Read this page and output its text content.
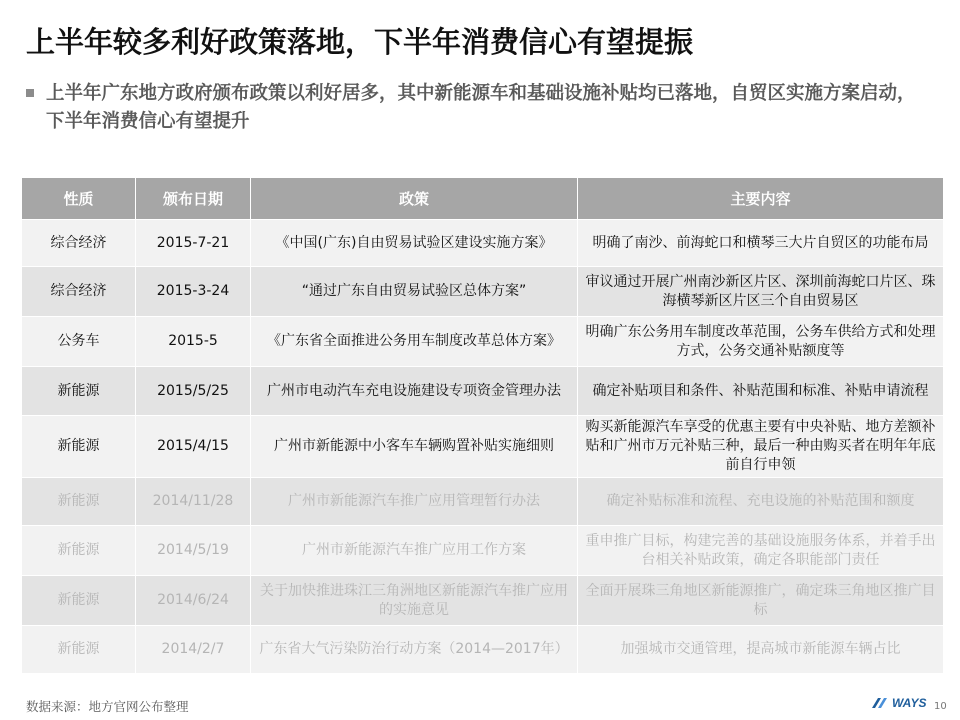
上半年较多利好政策落地，下半年消费信心有望提振
上半年广东地方政府颁布政策以利好居多，其中新能源车和基础设施补贴均已落地，自贸区实施方案启动，下半年消费信心有望提升
性质	颁布日期	政策	主要内容
综合经济	2015-7-21	《中国(广东)自由贸易试验区建设实施方案》	明确了南沙、前海蛇口和横琴三大片自贸区的功能布局
综合经济	2015-3-24	“通过广东自由贸易试验区总体方案”	审议通过开展广州南沙新区片区、深圳前海蛇口片区、珠海横琴新区片区三个自由贸易区
公务车	2015-5	《广东省全面推进公务用车制度改革总体方案》	明确广东公务用车制度改革范围，公务车供给方式和处理方式，公务交通补贴额度等
新能源	2015/5/25	广州市电动汽车充电设施建设专项资金管理办法	确定补贴项目和条件、补贴范围和标准、补贴申请流程
新能源	2015/4/15	广州市新能源中小客车车辆购置补贴实施细则	购买新能源汽车享受的优惠主要有中央补贴、地方差额补贴和广州市万元补贴三种，最后一种由购买者在明年年底前自行申领
新能源	2014/11/28	广州市新能源汽车推广应用管理暂行办法	确定补贴标准和流程、充电设施的补贴范围和额度
新能源	2014/5/19	广州市新能源汽车推广应用工作方案	重申推广目标，构建完善的基础设施服务体系，并着手出台相关补贴政策，确定各职能部门责任
新能源	2014/6/24	关于加快推进珠江三角洲地区新能源汽车推广应用的实施意见	全面开展珠三角地区新能源推广，确定珠三角地区推广目标
新能源	2014/2/7	广东省大气污染防治行动方案（2014—2017年）	加强城市交通管理，提高城市新能源车辆占比
数据来源：地方官网公布整理	WAYS 10
